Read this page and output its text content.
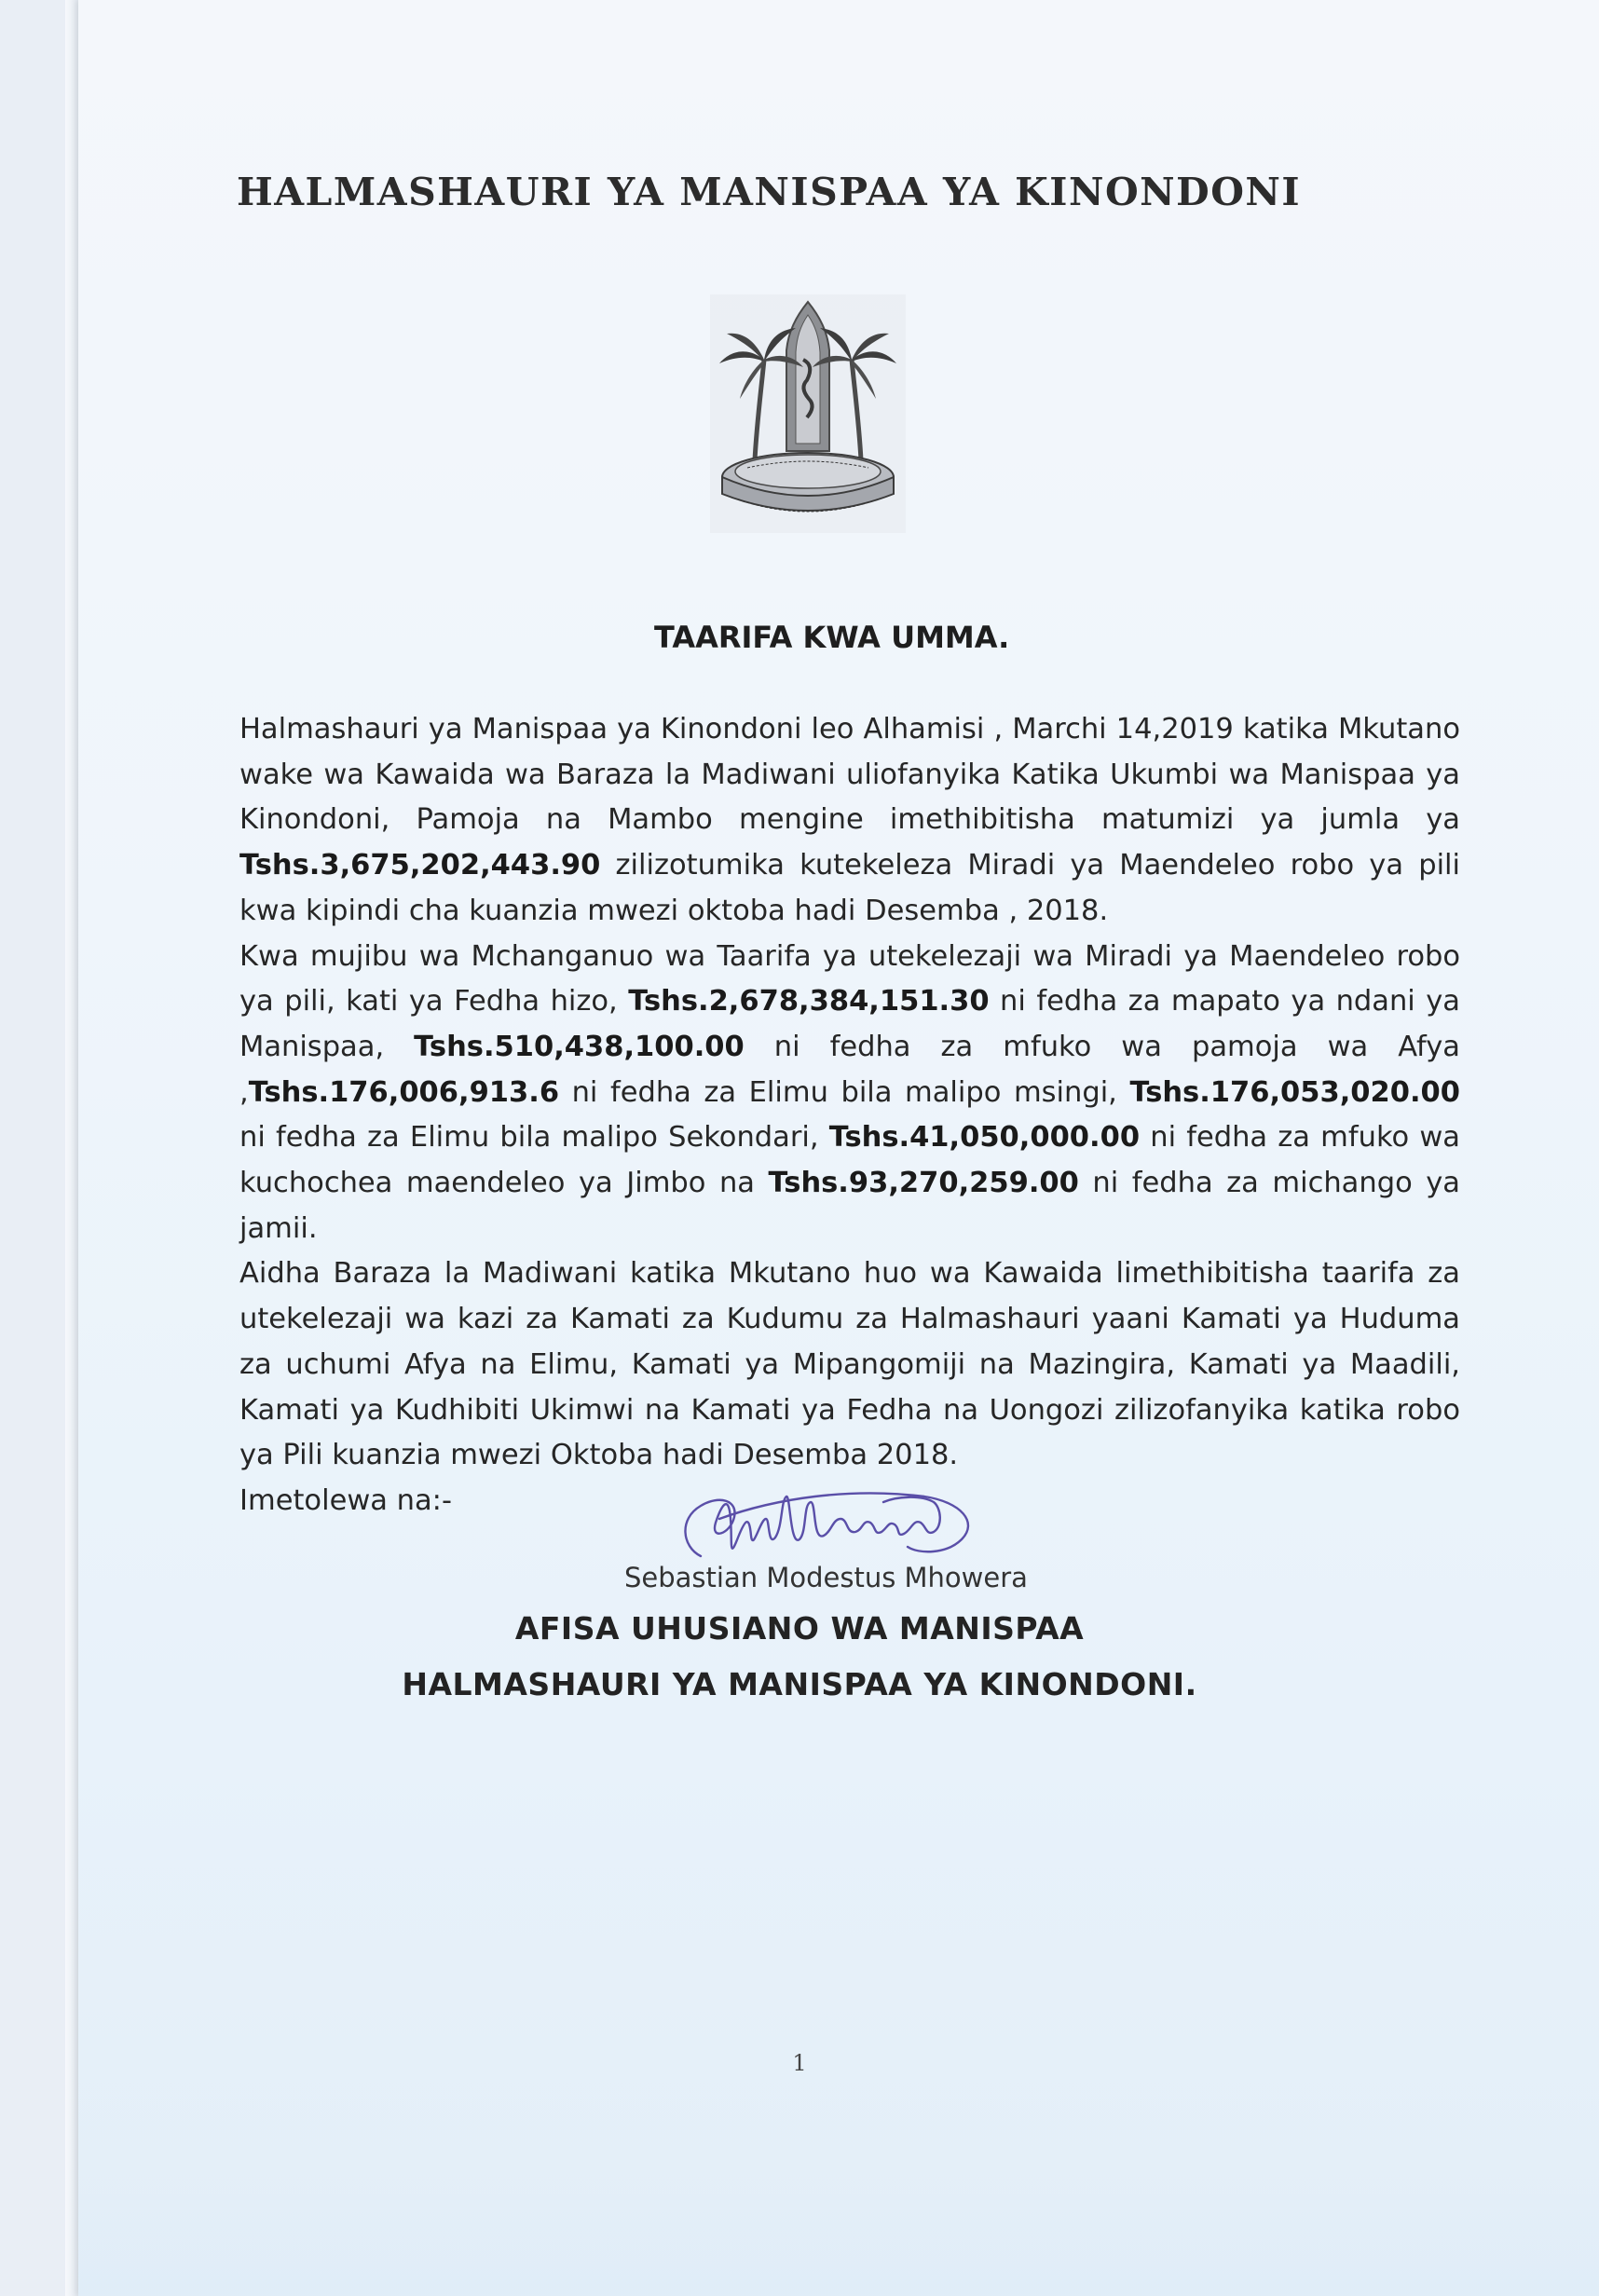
HALMASHAURI YA MANISPAA YA KINONDONI
TAARIFA KWA UMMA.

Halmashauri ya Manispaa ya Kinondoni leo Alhamisi , Marchi 14,2019 katika Mkutano wake wa Kawaida wa Baraza la Madiwani uliofanyika Katika Ukumbi wa Manispaa ya Kinondoni, Pamoja na Mambo mengine imethibitisha matumizi ya jumla ya Tshs.3,675,202,443.90 zilizotumika kutekeleza Miradi ya Maendeleo robo ya pili kwa kipindi cha kuanzia mwezi oktoba hadi Desemba , 2018.

Kwa mujibu wa Mchanganuo wa Taarifa ya utekelezaji wa Miradi ya Maendeleo robo ya pili, kati ya Fedha hizo, Tshs.2,678,384,151.30 ni fedha za mapato ya ndani ya Manispaa, Tshs.510,438,100.00 ni fedha za mfuko wa pamoja wa Afya ,Tshs.176,006,913.6 ni fedha za Elimu bila malipo msingi, Tshs.176,053,020.00 ni fedha za Elimu bila malipo Sekondari, Tshs.41,050,000.00 ni fedha za mfuko wa kuchochea maendeleo ya Jimbo na Tshs.93,270,259.00 ni fedha za michango ya jamii.

Aidha Baraza la Madiwani katika Mkutano huo wa Kawaida limethibitisha taarifa za utekelezaji wa kazi za Kamati za Kudumu za Halmashauri yaani Kamati ya Huduma za uchumi Afya na Elimu, Kamati ya Mipangomiji na Mazingira, Kamati ya Maadili, Kamati ya Kudhibiti Ukimwi na Kamati ya Fedha na Uongozi zilizofanyika katika robo ya Pili kuanzia mwezi Oktoba hadi Desemba 2018.

Imetolewa na:-

Sebastian Modestus Mhowera

AFISA UHUSIANO WA MANISPAA

HALMASHAURI YA MANISPAA YA KINONDONI.

1
